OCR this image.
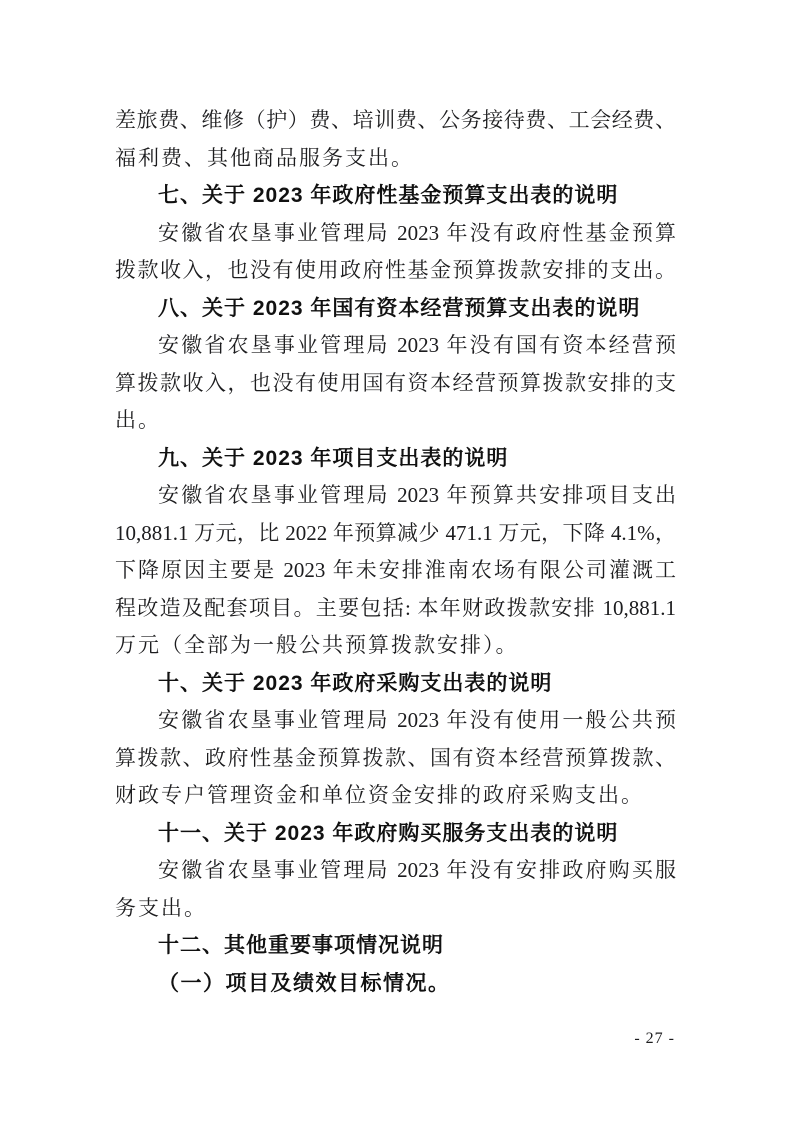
差旅费、维修（护）费、培训费、公务接待费、工会经费、
福利费、其他商品服务支出。
七、关于 2023 年政府性基金预算支出表的说明
安徽省农垦事业管理局 2023 年没有政府性基金预算
拨款收入，也没有使用政府性基金预算拨款安排的支出。
八、关于 2023 年国有资本经营预算支出表的说明
安徽省农垦事业管理局 2023 年没有国有资本经营预
算拨款收入，也没有使用国有资本经营预算拨款安排的支
出。
九、关于 2023 年项目支出表的说明
安徽省农垦事业管理局 2023 年预算共安排项目支出
10,881.1 万元，比 2022 年预算减少 471.1 万元，下降 4.1%，
下降原因主要是 2023 年未安排淮南农场有限公司灌溉工
程改造及配套项目。主要包括: 本年财政拨款安排 10,881.1
万元（全部为一般公共预算拨款安排）。
十、关于 2023 年政府采购支出表的说明
安徽省农垦事业管理局 2023 年没有使用一般公共预
算拨款、政府性基金预算拨款、国有资本经营预算拨款、
财政专户管理资金和单位资金安排的政府采购支出。
十一、关于 2023 年政府购买服务支出表的说明
安徽省农垦事业管理局 2023 年没有安排政府购买服
务支出。
十二、其他重要事项情况说明
（一）项目及绩效目标情况。
- 27 -
